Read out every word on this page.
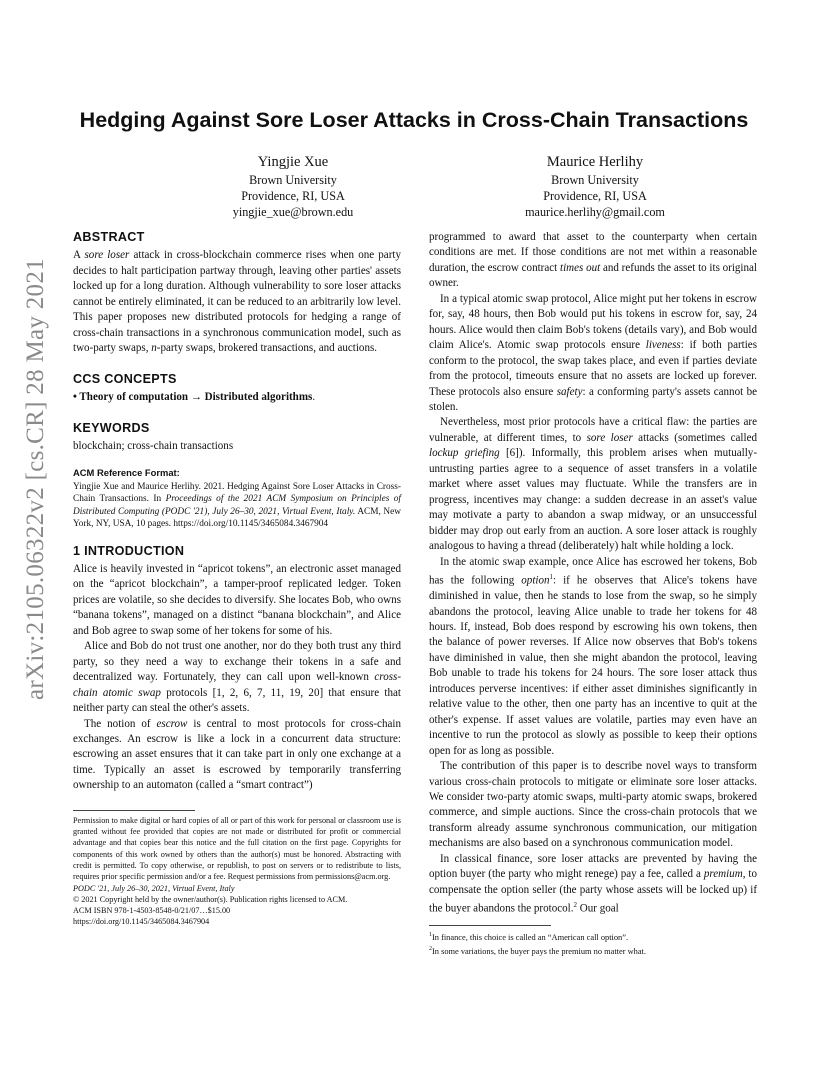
arXiv:2105.06322v2 [cs.CR] 28 May 2021
Hedging Against Sore Loser Attacks in Cross-Chain Transactions
Yingjie Xue
Brown University
Providence, RI, USA
yingjie_xue@brown.edu
Maurice Herlihy
Brown University
Providence, RI, USA
maurice.herlihy@gmail.com
ABSTRACT

A sore loser attack in cross-blockchain commerce rises when one party decides to halt participation partway through, leaving other parties' assets locked up for a long duration. Although vulnerability to sore loser attacks cannot be entirely eliminated, it can be reduced to an arbitrarily low level. This paper proposes new distributed protocols for hedging a range of cross-chain transactions in a synchronous communication model, such as two-party swaps, n-party swaps, brokered transactions, and auctions.

CCS CONCEPTS

• Theory of computation → Distributed algorithms.

KEYWORDS

blockchain; cross-chain transactions

ACM Reference Format:

Yingjie Xue and Maurice Herlihy. 2021. Hedging Against Sore Loser Attacks in Cross-Chain Transactions. In Proceedings of the 2021 ACM Symposium on Principles of Distributed Computing (PODC '21), July 26–30, 2021, Virtual Event, Italy. ACM, New York, NY, USA, 10 pages. https://doi.org/10.1145/3465084.3467904

1 INTRODUCTION

Alice is heavily invested in “apricot tokens”, an electronic asset managed on the “apricot blockchain”, a tamper-proof replicated ledger. Token prices are volatile, so she decides to diversify. She locates Bob, who owns “banana tokens”, managed on a distinct “banana blockchain”, and Alice and Bob agree to swap some of her tokens for some of his.

Alice and Bob do not trust one another, nor do they both trust any third party, so they need a way to exchange their tokens in a safe and decentralized way. Fortunately, they can call upon well-known cross-chain atomic swap protocols [1, 2, 6, 7, 11, 19, 20] that ensure that neither party can steal the other's assets.

The notion of escrow is central to most protocols for cross-chain exchanges. An escrow is like a lock in a concurrent data structure: escrowing an asset ensures that it can take part in only one exchange at a time. Typically an asset is escrowed by temporarily transferring ownership to an automaton (called a “smart contract”)

Permission to make digital or hard copies of all or part of this work for personal or classroom use is granted without fee provided that copies are not made or distributed for profit or commercial advantage and that copies bear this notice and the full citation on the first page. Copyrights for components of this work owned by others than the author(s) must be honored. Abstracting with credit is permitted. To copy otherwise, or republish, to post on servers or to redistribute to lists, requires prior specific permission and/or a fee. Request permissions from permissions@acm.org.

PODC '21, July 26–30, 2021, Virtual Event, Italy

© 2021 Copyright held by the owner/author(s). Publication rights licensed to ACM.

ACM ISBN 978-1-4503-8548-0/21/07…$15.00

https://doi.org/10.1145/3465084.3467904

programmed to award that asset to the counterparty when certain conditions are met. If those conditions are not met within a reasonable duration, the escrow contract times out and refunds the asset to its original owner.

In a typical atomic swap protocol, Alice might put her tokens in escrow for, say, 48 hours, then Bob would put his tokens in escrow for, say, 24 hours. Alice would then claim Bob's tokens (details vary), and Bob would claim Alice's. Atomic swap protocols ensure liveness: if both parties conform to the protocol, the swap takes place, and even if parties deviate from the protocol, timeouts ensure that no assets are locked up forever. These protocols also ensure safety: a conforming party's assets cannot be stolen.

Nevertheless, most prior protocols have a critical flaw: the parties are vulnerable, at different times, to sore loser attacks (sometimes called lockup griefing [6]). Informally, this problem arises when mutually-untrusting parties agree to a sequence of asset transfers in a volatile market where asset values may fluctuate. While the transfers are in progress, incentives may change: a sudden decrease in an asset's value may motivate a party to abandon a swap midway, or an unsuccessful bidder may drop out early from an auction. A sore loser attack is roughly analogous to having a thread (deliberately) halt while holding a lock.

In the atomic swap example, once Alice has escrowed her tokens, Bob has the following option$^1$: if he observes that Alice's tokens have diminished in value, then he stands to lose from the swap, so he simply abandons the protocol, leaving Alice unable to trade her tokens for 48 hours. If, instead, Bob does respond by escrowing his own tokens, then the balance of power reverses. If Alice now observes that Bob's tokens have diminished in value, then she might abandon the protocol, leaving Bob unable to trade his tokens for 24 hours. The sore loser attack thus introduces perverse incentives: if either asset diminishes significantly in relative value to the other, then one party has an incentive to quit at the other's expense. If asset values are volatile, parties may even have an incentive to run the protocol as slowly as possible to keep their options open for as long as possible.

The contribution of this paper is to describe novel ways to transform various cross-chain protocols to mitigate or eliminate sore loser attacks. We consider two-party atomic swaps, multi-party atomic swaps, brokered commerce, and simple auctions. Since the cross-chain protocols that we transform already assume synchronous communication, our mitigation mechanisms are also based on a synchronous communication model.

In classical finance, sore loser attacks are prevented by having the option buyer (the party who might renege) pay a fee, called a premium, to compensate the option seller (the party whose assets will be locked up) if the buyer abandons the protocol.$^2$ Our goal

$^1$In finance, this choice is called an “American call option”.

$^2$In some variations, the buyer pays the premium no matter what.
